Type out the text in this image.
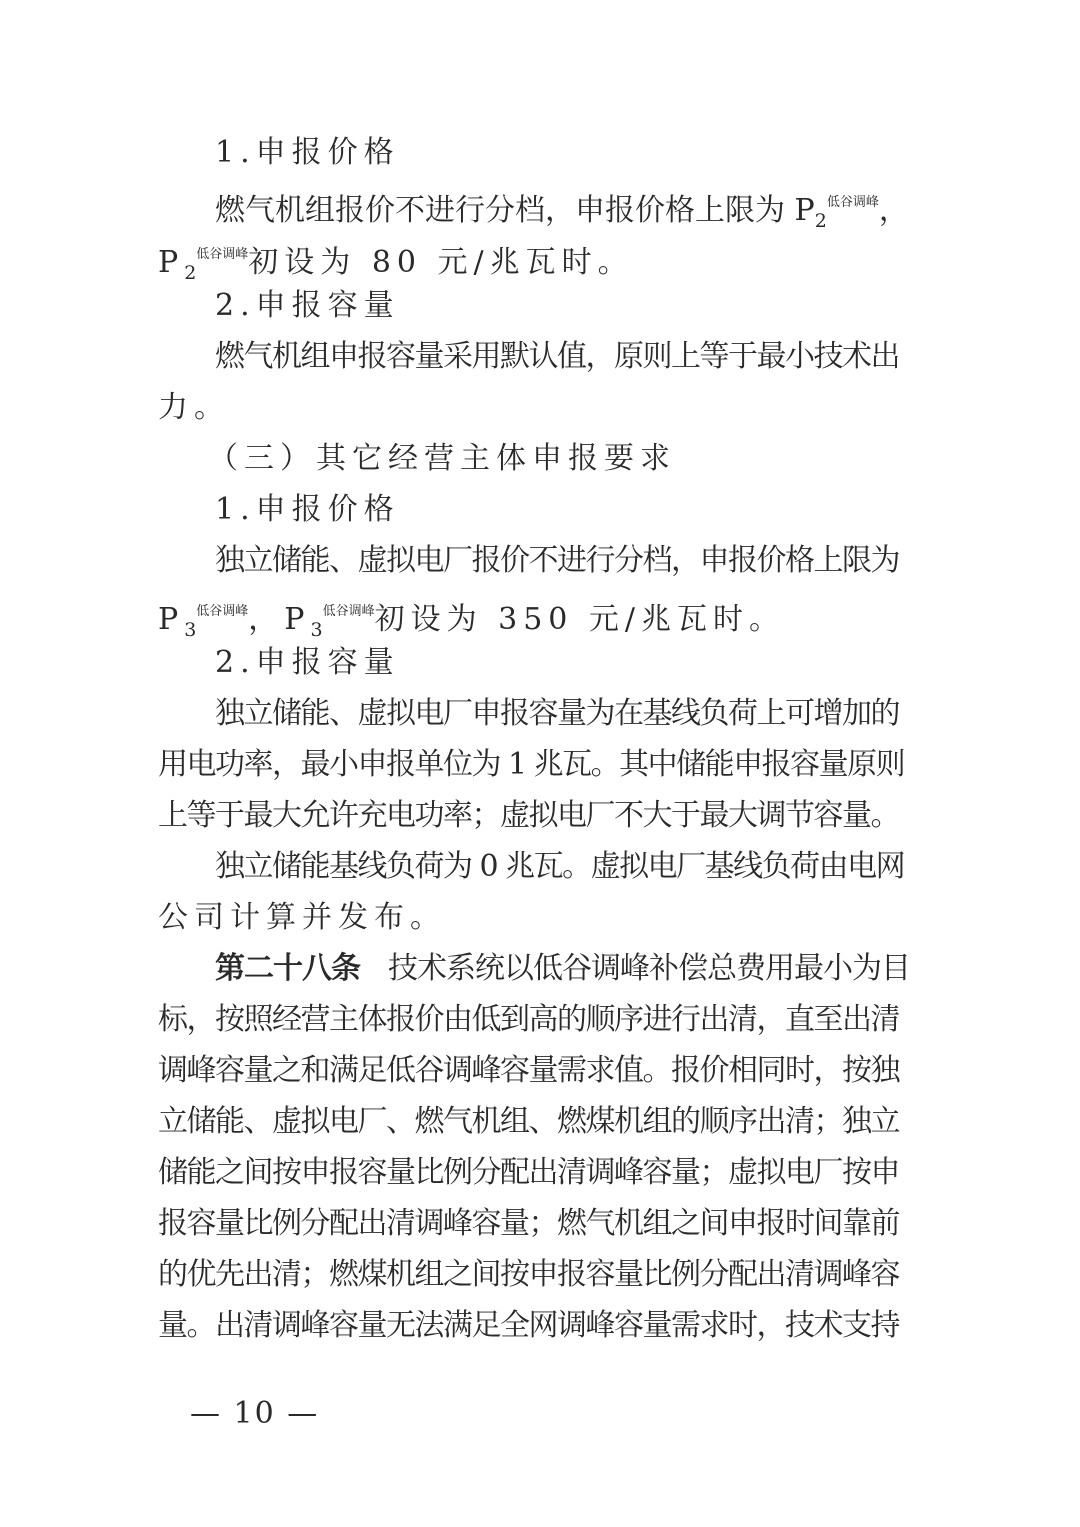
1.申报价格
燃气机组报价不进行分档，申报价格上限为 $P_2^{低谷调峰}$，
$P_2^{低谷调峰}$初设为 80 元/兆瓦时。
2.申报容量
燃气机组申报容量采用默认值，原则上等于最小技术出
力。
（三）其它经营主体申报要求
1.申报价格
独立储能、虚拟电厂报价不进行分档，申报价格上限为
$P_3^{低谷调峰}$，$P_3^{低谷调峰}$初设为 350 元/兆瓦时。
2.申报容量
独立储能、虚拟电厂申报容量为在基线负荷上可增加的
用电功率，最小申报单位为 1 兆瓦。其中储能申报容量原则
上等于最大允许充电功率；虚拟电厂不大于最大调节容量。
独立储能基线负荷为 0 兆瓦。虚拟电厂基线负荷由电网
公司计算并发布。
第二十八条 技术系统以低谷调峰补偿总费用最小为目
标，按照经营主体报价由低到高的顺序进行出清，直至出清
调峰容量之和满足低谷调峰容量需求值。报价相同时，按独
立储能、虚拟电厂、燃气机组、燃煤机组的顺序出清；独立
储能之间按申报容量比例分配出清调峰容量；虚拟电厂按申
报容量比例分配出清调峰容量；燃气机组之间申报时间靠前
的优先出清；燃煤机组之间按申报容量比例分配出清调峰容
量。出清调峰容量无法满足全网调峰容量需求时，技术支持
— 10 —
